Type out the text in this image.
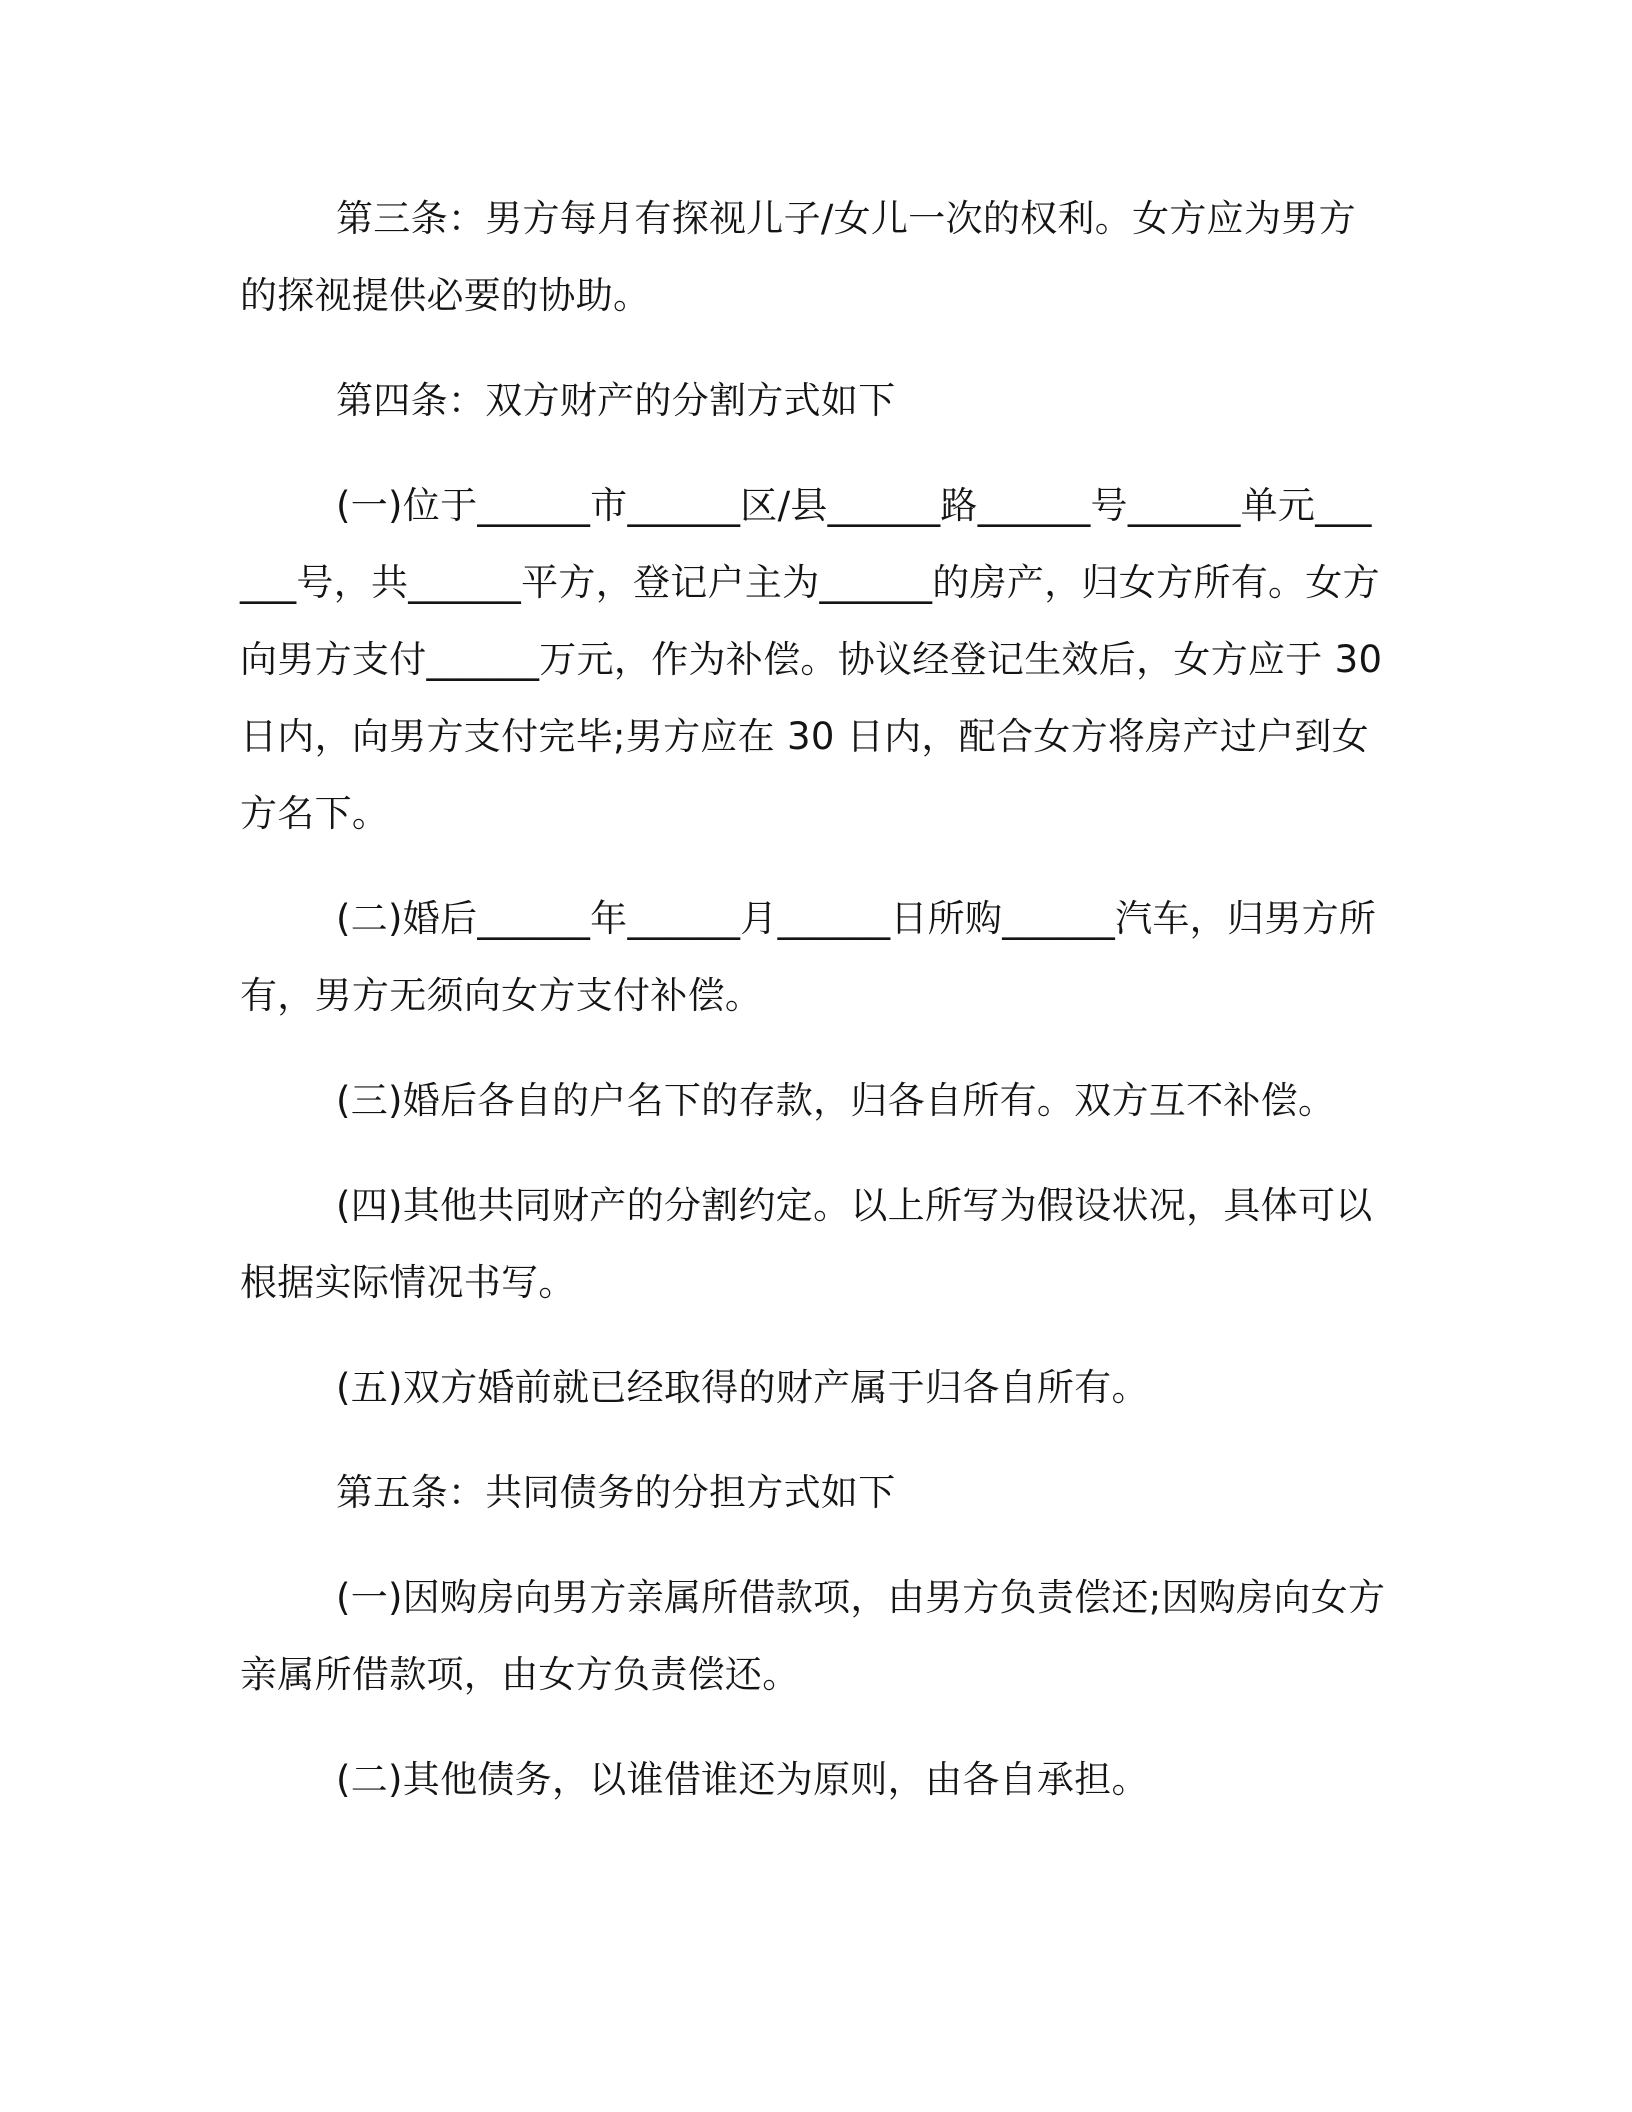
第三条：男方每月有探视儿子/女儿一次的权利。女方应为男方的探视提供必要的协助。

第四条：双方财产的分割方式如下

(一)位于______市______区/县______路______号______单元______号，共______平方，登记户主为______的房产，归女方所有。女方向男方支付______万元，作为补偿。协议经登记生效后，女方应于 30 日内，向男方支付完毕;男方应在 30 日内，配合女方将房产过户到女方名下。

(二)婚后______年______月______日所购______汽车，归男方所有，男方无须向女方支付补偿。

(三)婚后各自的户名下的存款，归各自所有。双方互不补偿。

(四)其他共同财产的分割约定。以上所写为假设状况，具体可以根据实际情况书写。

(五)双方婚前就已经取得的财产属于归各自所有。

第五条：共同债务的分担方式如下

(一)因购房向男方亲属所借款项，由男方负责偿还;因购房向女方亲属所借款项，由女方负责偿还。

(二)其他债务，以谁借谁还为原则，由各自承担。
